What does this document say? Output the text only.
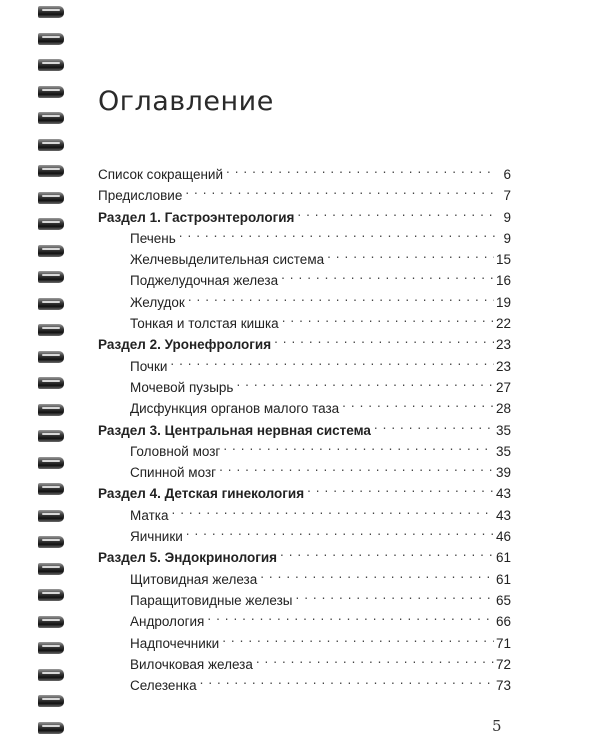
Оглавление
Список сокращений . . .	6
Предисловие . . .	7
Раздел 1. Гастроэнтерология . . .	9
Печень . . .	9
Желчевыделительная система . . .	15
Поджелудочная железа . . .	16
Желудок . . .	19
Тонкая и толстая кишка . . .	22
Раздел 2. Уронефрология . . .	23
Почки . . .	23
Мочевой пузырь . . .	27
Дисфункция органов малого таза . . .	28
Раздел 3. Центральная нервная система . . .	35
Головной мозг . . .	35
Спинной мозг . . .	39
Раздел 4. Детская гинекология . . .	43
Матка . . .	43
Яичники . . .	46
Раздел 5. Эндокринология . . .	61
Щитовидная железа . . .	61
Паращитовидные железы . . .	65
Андрология . . .	66
Надпочечники . . .	71
Вилочковая железа . . .	72
Селезенка . . .	73
5
